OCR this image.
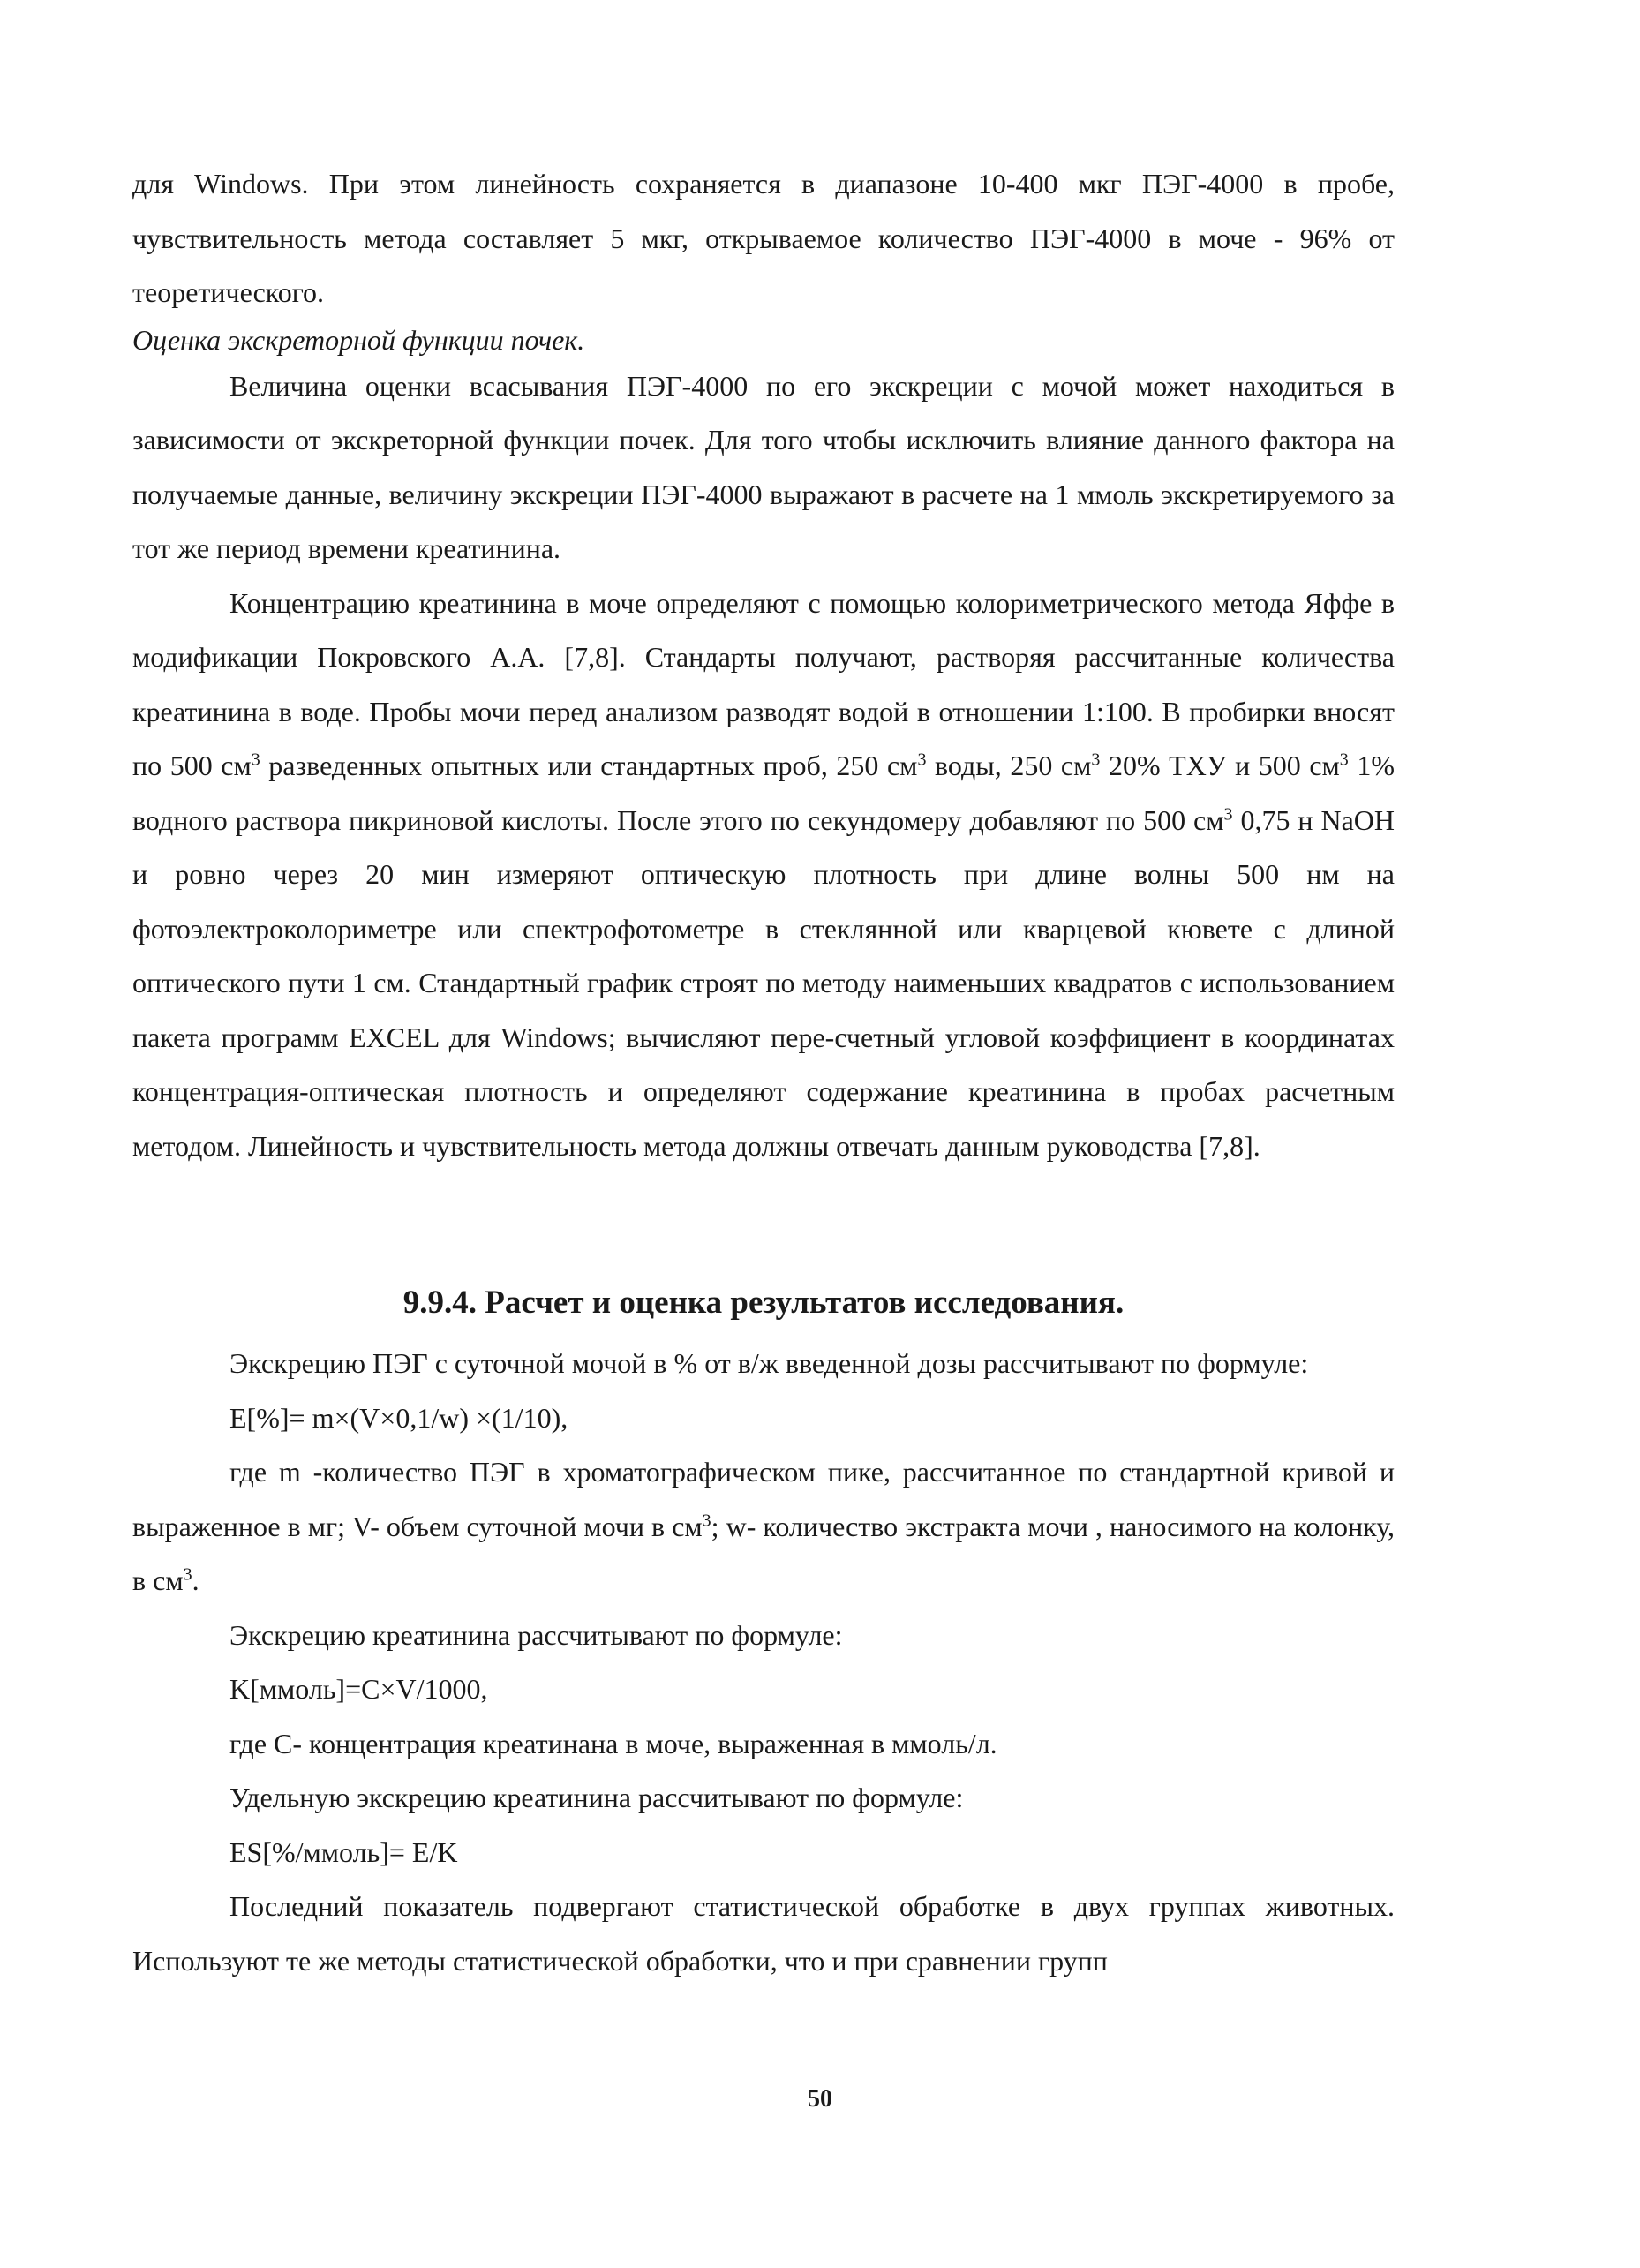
для Windows. При этом линейность сохраняется в диапазоне 10-400 мкг ПЭГ-4000 в пробе, чувствительность метода составляет 5 мкг, открываемое количество ПЭГ-4000 в моче - 96% от теоретического.

Оценка экскреторной функции почек.

Величина оценки всасывания ПЭГ-4000 по его экскреции с мочой может находиться в зависимости от экскреторной функции почек. Для того чтобы исключить влияние данного фактора на получаемые данные, величину экскреции ПЭГ-4000 выражают в расчете на 1 ммоль экскретируемого за тот же период времени креатинина.

Концентрацию креатинина в моче определяют с помощью колориметрического метода Яффе в модификации Покровского А.А. [7,8]. Стандарты получают, растворяя рассчитанные количества креатинина в воде. Пробы мочи перед анализом разводят водой в отношении 1:100. В пробирки вносят по 500 $см^3$ разведенных опытных или стандартных проб, 250 $см^3$ воды, 250 $см^3$ 20% ТХУ и 500 $см^3$ 1% водного раствора пикриновой кислоты. После этого по секундомеру добавляют по 500 $см^3$ 0,75 н NaOH и ровно через 20 мин измеряют оптическую плотность при длине волны 500 нм на фотоэлектроколориметре или спектрофотометре в стеклянной или кварцевой кювете с длиной оптического пути 1 см. Стандартный график строят по методу наименьших квадратов с использованием пакета программ EXCEL для Windows; вычисляют пере-счетный угловой коэффициент в координатах концентрация-оптическая плотность и определяют содержание креатинина в пробах расчетным методом. Линейность и чувствительность метода должны отвечать данным руководства [7,8].

9.9.4. Расчет и оценка результатов исследования.

Экскрецию ПЭГ с суточной мочой в % от в/ж введенной дозы рассчитывают по формуле:

E[%]= m×(V×0,1/w) ×(1/10),

где m -количество ПЭГ в хроматографическом пике, рассчитанное по стандартной кривой и выраженное в мг; V- объем суточной мочи в $см^3$; w- количество экстракта мочи , наносимого на колонку, в $см^3$.

Экскрецию креатинина рассчитывают по формуле:

K[ммоль]=C×V/1000,

где C- концентрация креатинана в моче, выраженная в ммоль/л.

Удельную экскрецию креатинина рассчитывают по формуле:

ES[%/ммоль]= E/K

Последний показатель подвергают статистической обработке в двух группах животных. Используют те же методы статистической обработки, что и при сравнении групп

50
